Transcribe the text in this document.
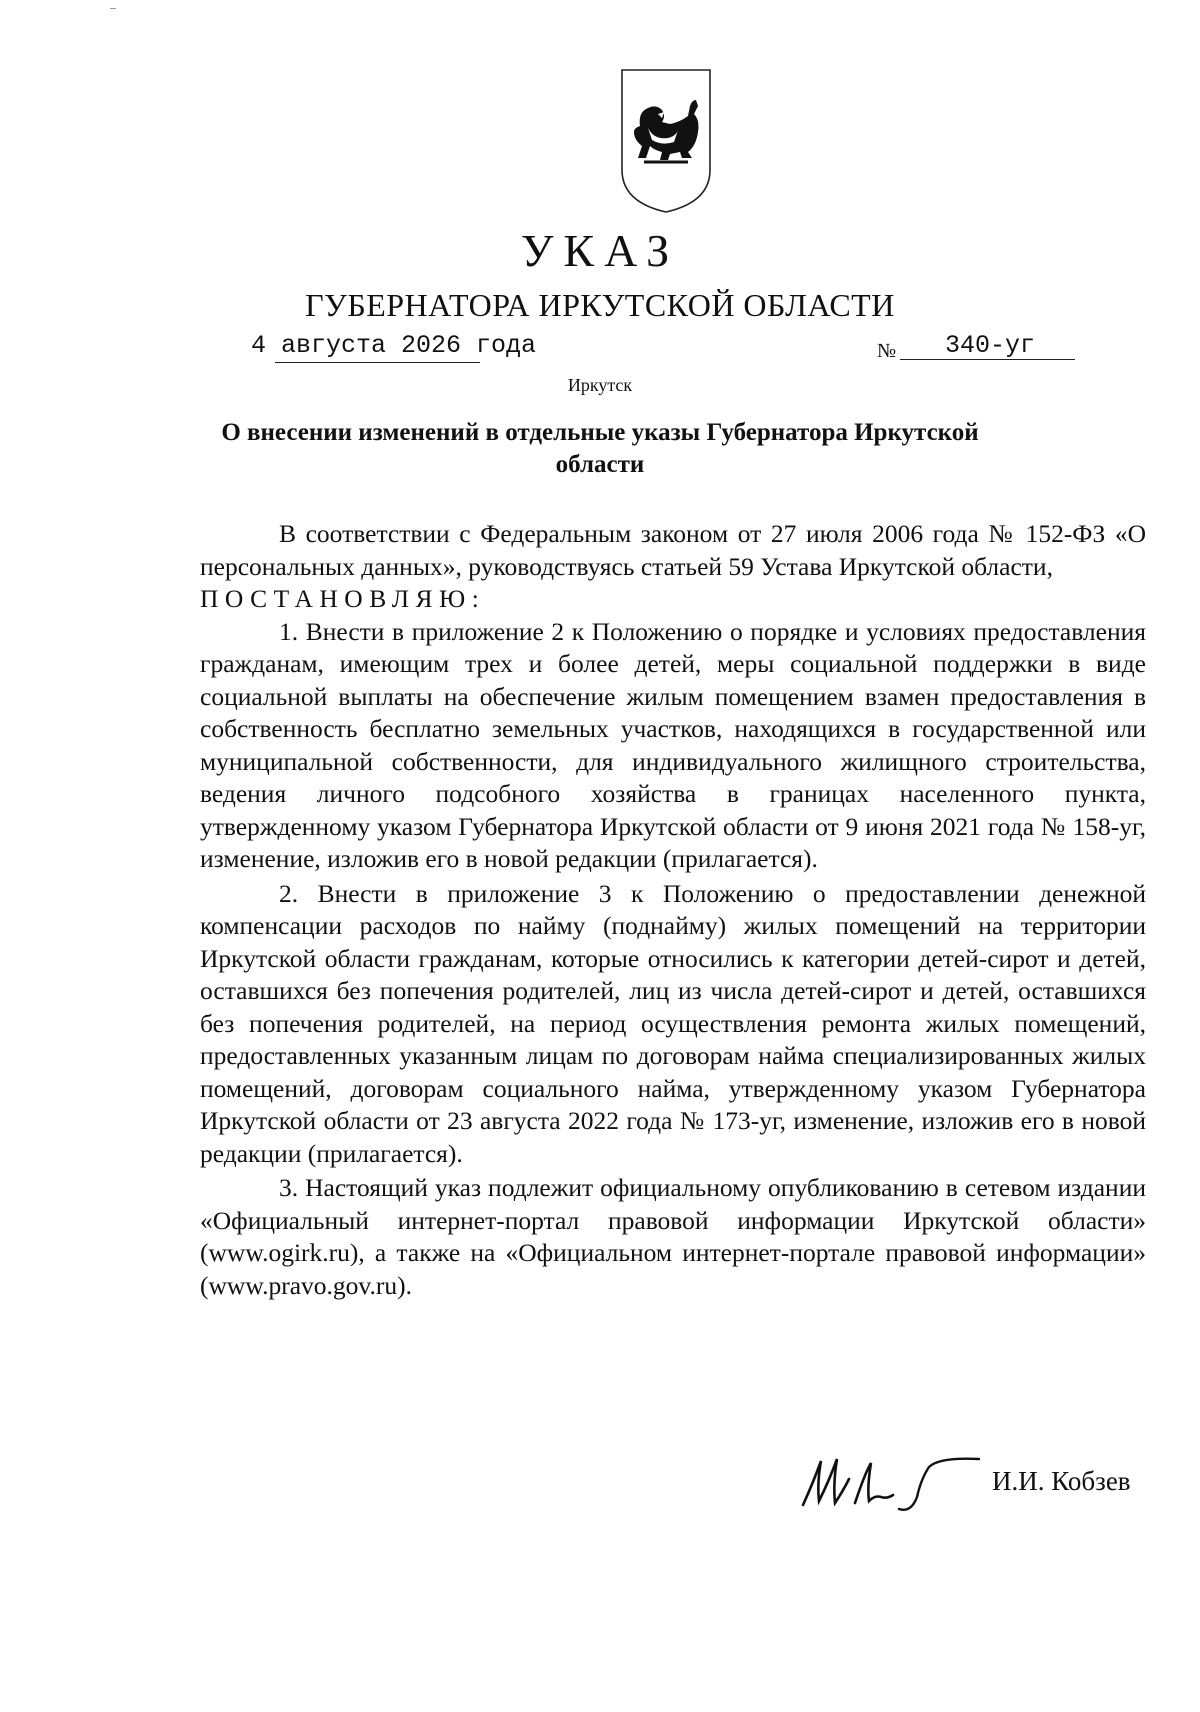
УКАЗ
ГУБЕРНАТОРА ИРКУТСКОЙ ОБЛАСТИ
4 августа 2026 года	№ 340-уг
Иркутск
О внесении изменений в отдельные указы Губернатора Иркутской области

В соответствии с Федеральным законом от 27 июля 2006 года № 152-ФЗ «О персональных данных», руководствуясь статьей 59 Устава Иркутской области,

ПОСТАНОВЛЯЮ:

1. Внести в приложение 2 к Положению о порядке и условиях предоставления гражданам, имеющим трех и более детей, меры социальной поддержки в виде социальной выплаты на обеспечение жилым помещением взамен предоставления в собственность бесплатно земельных участков, находящихся в государственной или муниципальной собственности, для индивидуального жилищного строительства, ведения личного подсобного хозяйства в границах населенного пункта, утвержденному указом Губернатора Иркутской области от 9 июня 2021 года № 158-уг, изменение, изложив его в новой редакции (прилагается).

2. Внести в приложение 3 к Положению о предоставлении денежной компенсации расходов по найму (поднайму) жилых помещений на территории Иркутской области гражданам, которые относились к категории детей-сирот и детей, оставшихся без попечения родителей, лиц из числа детей-сирот и детей, оставшихся без попечения родителей, на период осуществления ремонта жилых помещений, предоставленных указанным лицам по договорам найма специализированных жилых помещений, договорам социального найма, утвержденному указом Губернатора Иркутской области от 23 августа 2022 года № 173-уг, изменение, изложив его в новой редакции (прилагается).

3. Настоящий указ подлежит официальному опубликованию в сетевом издании «Официальный интернет-портал правовой информации Иркутской области» (www.ogirk.ru), а также на «Официальном интернет-портале правовой информации» (www.pravo.gov.ru).

И.И. Кобзев
